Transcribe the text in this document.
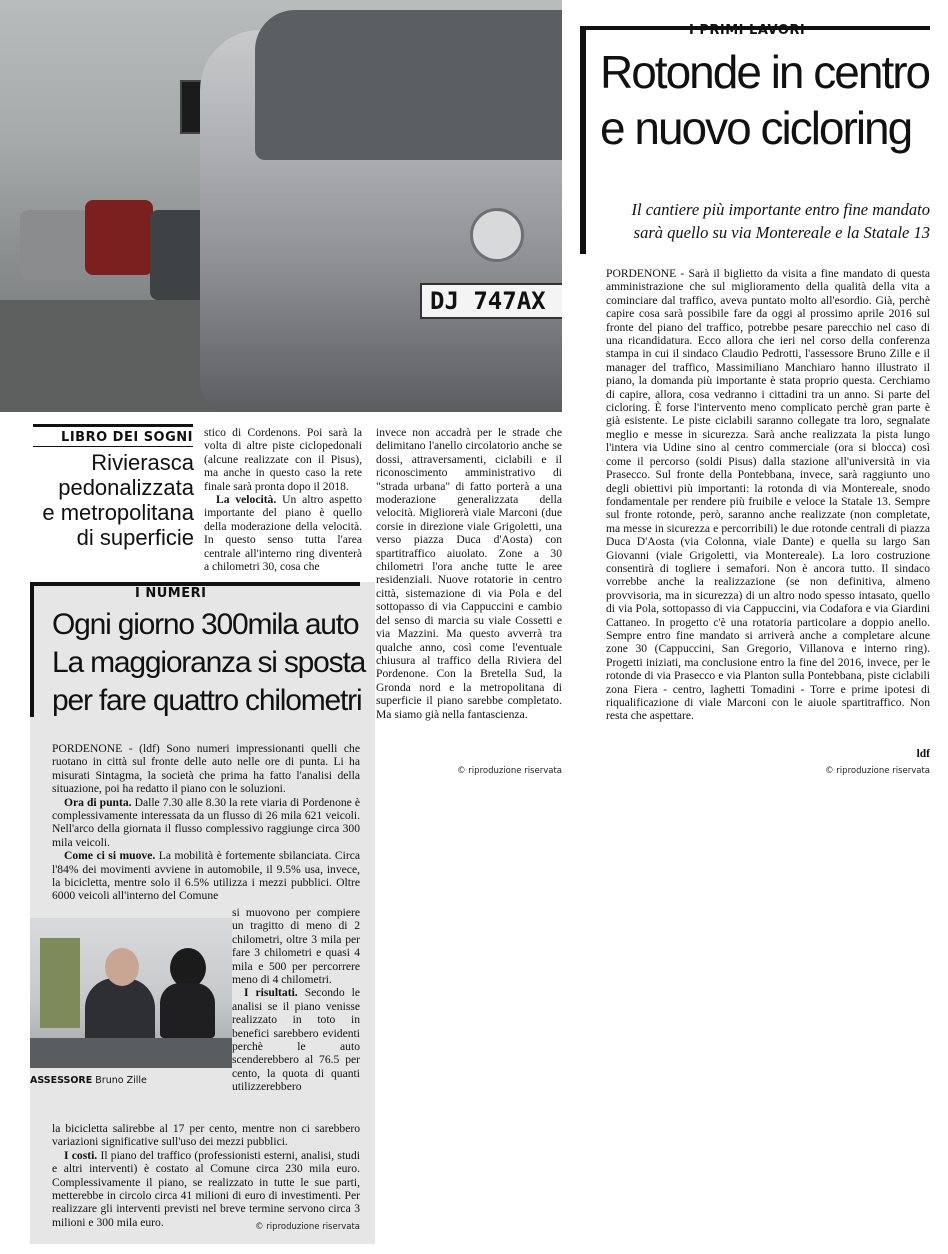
DJ 747AX
LIBRO DEI SOGNI
Rivierasca
pedonalizzata
e metropolitana
di superficie

stico di Cordenons. Poi sarà la volta di altre piste ciclopedonali (alcune realizzate con il Pisus), ma anche in questo caso la rete finale sarà pronta dopo il 2018.

La velocità. Un altro aspetto importante del piano è quello della moderazione della velocità. In questo senso tutta l'area centrale all'interno ring diventerà a chilometri 30, cosa che

invece non accadrà per le strade che delimitano l'anello circolatorio anche se dossi, attraversamenti, ciclabili e il riconoscimento amministrativo di "strada urbana" di fatto porterà a una moderazione generalizzata della velocità. Migliorerà viale Marconi (due corsie in direzione viale Grigoletti, una verso piazza Duca d'Aosta) con spartitraffico aiuolato. Zone a 30 chilometri l'ora anche tutte le aree residenziali. Nuove rotatorie in centro città, sistemazione di via Pola e del sottopasso di via Cappuccini e cambio del senso di marcia su viale Cossetti e via Mazzini. Ma questo avverrà tra qualche anno, così come l'eventuale chiusura al traffico della Riviera del Pordenone. Con la Bretella Sud, la Gronda nord e la metropolitana di superficie il piano sarebbe completato. Ma siamo già nella fantascienza.

© riproduzione riservata
I NUMERI
Ogni giorno 300mila auto
La maggioranza si sposta
per fare quattro chilometri

PORDENONE - (ldf) Sono numeri impressionanti quelli che ruotano in città sul fronte delle auto nelle ore di punta. Li ha misurati Sintagma, la società che prima ha fatto l'analisi della situazione, poi ha redatto il piano con le soluzioni.

Ora di punta. Dalle 7.30 alle 8.30 la rete viaria di Pordenone è complessivamente interessata da un flusso di 26 mila 621 veicoli. Nell'arco della giornata il flusso complessivo raggiunge circa 300 mila veicoli.

Come ci si muove. La mobilità è fortemente sbilanciata. Circa l'84% dei movimenti avviene in automobile, il 9.5% usa, invece, la bicicletta, mentre solo il 6.5% utilizza i mezzi pubblici. Oltre 6000 veicoli all'interno del Comune

ASSESSORE Bruno Zille

si muovono per compiere un tragitto di meno di 2 chilometri, oltre 3 mila per fare 3 chilometri e quasi 4 mila e 500 per percorrere meno di 4 chilometri.

I risultati. Secondo le analisi se il piano venisse realizzato in toto in benefici sarebbero evidenti perchè le auto scenderebbero al 76.5 per cento, la quota di quanti utilizzerebbero

la bicicletta salirebbe al 17 per cento, mentre non ci sarebbero variazioni significative sull'uso dei mezzi pubblici.

I costi. Il piano del traffico (professionisti esterni, analisi, studi e altri interventi) è costato al Comune circa 230 mila euro. Complessivamente il piano, se realizzato in tutte le sue parti, metterebbe in circolo circa 41 milioni di euro di investimenti. Per realizzare gli interventi previsti nel breve termine servono circa 3 milioni e 300 mila euro.	© riproduzione riservata
I PRIMI LAVORI
Rotonde in centro
e nuovo cicloring
Il cantiere più importante entro fine mandato
sarà quello su via Montereale e la Statale 13

PORDENONE - Sarà il biglietto da visita a fine mandato di questa amministrazione che sul miglioramento della qualità della vita a cominciare dal traffico, aveva puntato molto all'esordio. Già, perchè capire cosa sarà possibile fare da oggi al prossimo aprile 2016 sul fronte del piano del traffico, potrebbe pesare parecchio nel caso di una ricandidatura. Ecco allora che ieri nel corso della conferenza stampa in cui il sindaco Claudio Pedrotti, l'assessore Bruno Zille e il manager del traffico, Massimiliano Manchiaro hanno illustrato il piano, la domanda più importante è stata proprio questa. Cerchiamo di capire, allora, cosa vedranno i cittadini tra un anno. Si parte del cicloring. È forse l'intervento meno complicato perchè gran parte è già esistente. Le piste ciclabili saranno collegate tra loro, segnalate meglio e messe in sicurezza. Sarà anche realizzata la pista lungo l'intera via Udine sino al centro commerciale (ora si blocca) così come il percorso (soldi Pisus) dalla stazione all'università in via Prasecco. Sul fronte della Pontebbana, invece, sarà raggiunto uno degli obiettivi più importanti: la rotonda di via Montereale, snodo fondamentale per rendere più fruibile e veloce la Statale 13. Sempre sul fronte rotonde, però, saranno anche realizzate (non completate, ma messe in sicurezza e percorribili) le due rotonde centrali di piazza Duca D'Aosta (via Colonna, viale Dante) e quella su largo San Giovanni (viale Grigoletti, via Montereale). La loro costruzione consentirà di togliere i semafori. Non è ancora tutto. Il sindaco vorrebbe anche la realizzazione (se non definitiva, almeno provvisoria, ma in sicurezza) di un altro nodo spesso intasato, quello di via Pola, sottopasso di via Cappuccini, via Codafora e via Giardini Cattaneo. In progetto c'è una rotatoria particolare a doppio anello. Sempre entro fine mandato si arriverà anche a completare alcune zone 30 (Cappuccini, San Gregorio, Villanova e interno ring). Progetti iniziati, ma conclusione entro la fine del 2016, invece, per le rotonde di via Prasecco e via Planton sulla Pontebbana, piste ciclabili zona Fiera - centro, laghetti Tomadini - Torre e prime ipotesi di riqualificazione di viale Marconi con le aiuole spartitraffico. Non resta che aspettare.

ldf
© riproduzione riservata
